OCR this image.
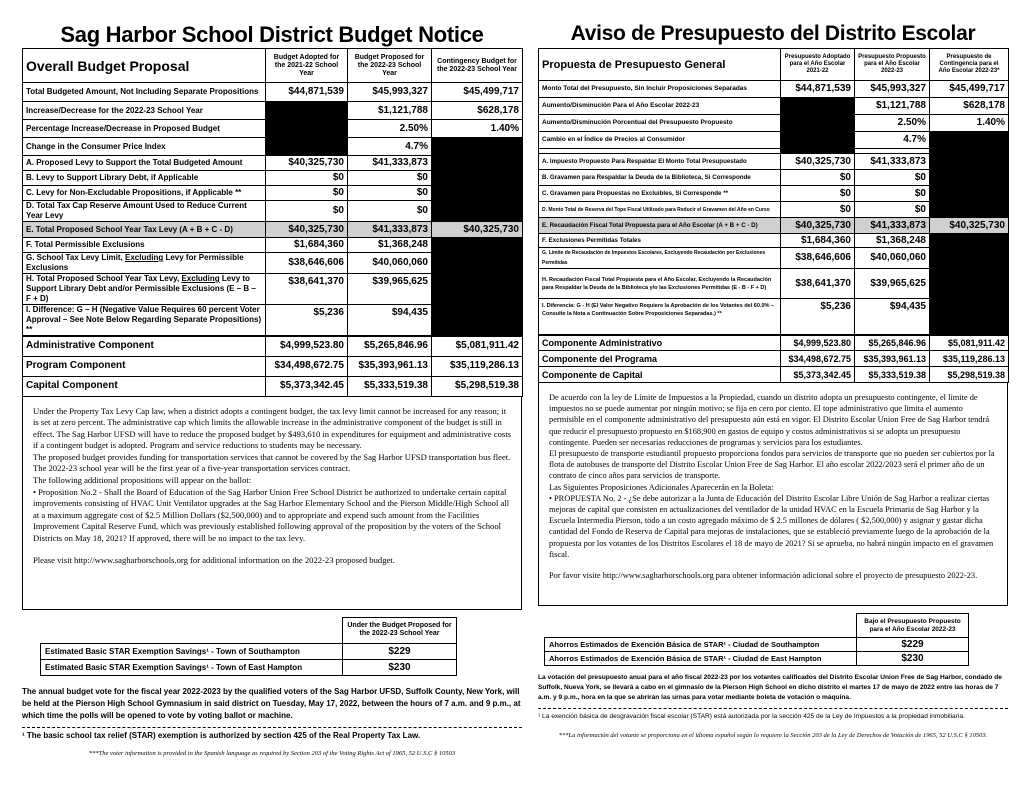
Sag Harbor School District Budget Notice
Overall Budget Proposal	Budget Adopted for the 2021-22 School Year	Budget Proposed for the 2022-23 School Year	Contingency Budget for the 2022-23 School Year
Total Budgeted Amount, Not Including Separate Propositions	$44,871,539	$45,993,327	$45,499,717
Increase/Decrease for the 2022-23 School Year		$1,121,788	$628,178
Percentage Increase/Decrease in Proposed Budget		2.50%	1.40%
Change in the Consumer Price Index		4.7%	
A. Proposed Levy to Support the Total Budgeted Amount	$40,325,730	$41,333,873	
B. Levy to Support Library Debt, if Applicable	$0	$0	
C. Levy for Non-Excludable Propositions, if Applicable **	$0	$0	
D. Total Tax Cap Reserve Amount Used to Reduce Current Year Levy	$0	$0	
E. Total Proposed School Year Tax Levy (A + B + C - D)	$40,325,730	$41,333,873	$40,325,730
F. Total Permissible Exclusions	$1,684,360	$1,368,248	
G. School Tax Levy Limit, Excluding Levy for Permissible Exclusions	$38,646,606	$40,060,060	
H. Total Proposed School Year Tax Levy, Excluding Levy to Support Library Debt and/or Permissible Exclusions (E – B – F + D)	$38,641,370	$39,965,625	
I. Difference: G – H (Negative Value Requires 60 percent Voter Approval – See Note Below Regarding Separate Propositions) **	$5,236	$94,435	
Administrative Component	$4,999,523.80	$5,265,846.96	$5,081,911.42
Program Component	$34,498,672.75	$35,393,961.13	$35,119,286.13
Capital Component	$5,373,342.45	$5,333,519.38	$5,298,519.38

Under the Property Tax Levy Cap law, when a district adopts a contingent budget, the tax levy limit cannot be increased for any reason; it is set at zero percent. The administrative cap which limits the allowable increase in the administrative component of the budget is still in effect. The Sag Harbor UFSD will have to reduce the proposed budget by $493,610 in expenditures for equipment and administrative costs if a contingent budget is adopted. Program and service reductions to students may be necessary.

The proposed budget provides funding for transportation services that cannot be covered by the Sag Harbor UFSD transportation bus fleet. The 2022-23 school year will be the first year of a five-year transportation services contract.

The following additional propositions will appear on the ballot:

• Proposition No.2 - Shall the Board of Education of the Sag Harbor Union Free School District be authorized to undertake certain capital improvements consisting of HVAC Unit Ventilator upgrades at the Sag Harbor Elementary School and the Pierson Middle/High School all at a maximum aggregate cost of $2.5 Million Dollars ($2,500,000) and to appropriate and expend such amount from the Facilities Improvement Capital Reserve Fund, which was previously established following approval of the proposition by the voters of the School Districts on May 18, 2021? If approved, there will be no impact to the tax levy.

Please visit http://www.sagharborschools.org for additional information on the 2022-23 proposed budget.

	Under the Budget Proposed for the 2022-23 School Year
Estimated Basic STAR Exemption Savings¹ - Town of Southampton	$229
Estimated Basic STAR Exemption Savings¹ - Town of East Hampton	$230
The annual budget vote for the fiscal year 2022-2023 by the qualified voters of the Sag Harbor UFSD, Suffolk County, New York, will be held at the Pierson High School Gymnasium in said district on Tuesday, May 17, 2022, between the hours of 7 a.m. and 9 p.m., at which time the polls will be opened to vote by voting ballot or machine.
¹ The basic school tax relief (STAR) exemption is authorized by section 425 of the Real Property Tax Law.
***The voter information is provided in the Spanish language as required by Section 203 of the Voting Rights Act of 1965, 52 U.S.C § 10503
Aviso de Presupuesto del Distrito Escolar
Propuesta de Presupuesto General	Presupuesto Adoptado para el Año Escolar 2021-22	Presupuesto Propuesto para el Año Escolar 2022-23	Presupuesto de Contingencia para el Año Escolar 2022-23*
Monto Total del Presupuesto, Sin Incluir Proposiciones Separadas	$44,871,539	$45,993,327	$45,499,717
Aumento/Disminución Para el Año Escolar 2022-23		$1,121,788	$628,178
Aumento/Disminución Porcentual del Presupuesto Propuesto		2.50%	1.40%
Cambio en el Índice de Precios al Consumidor		4.7%	

A. Impuesto Propuesto Para Respaldar El Monto Total Presupuestado	$40,325,730	$41,333,873	
B. Gravamen para Respaldar la Deuda de la Biblioteca, Si Corresponde	$0	$0	
C. Gravamen para Propuestas no Excluibles, Si Corresponde **	$0	$0	
D. Monto Total de Reserva del Tope Fiscal Utilizado para Reducir el Gravamen del Año en Curso	$0	$0	
E. Recaudación Fiscal Total Propuesta para el Año Escolar (A + B + C - D)	$40,325,730	$41,333,873	$40,325,730
F. Exclusiones Permitidas Totales	$1,684,360	$1,368,248	
G. Límite de Recaudación de Impuestos Escolares, Excluyendo Recaudación por Exclusiones Permitidas	$38,646,606	$40,060,060	
H. Recaudación Fiscal Total Propuesta para el Año Escolar, Excluyendo la Recaudación para Respaldar la Deuda de la Biblioteca y/o las Exclusiones Permitidas (E - B - F + D)	$38,641,370	$39,965,625	
I. Diferencia: G - H (El Valor Negativo Requiere la Aprobación de los Votantes del 60.0% – Consulte la Nota a Continuación Sobre Proposiciones Separadas.) **	$5,236	$94,435	
Componente Administrativo	$4,999,523.80	$5,265,846.96	$5,081,911.42
Componente del Programa	$34,498,672.75	$35,393,961.13	$35,119,286.13
Componente de Capital	$5,373,342.45	$5,333,519.38	$5,298,519.38

De acuerdo con la ley de Límite de Impuestos a la Propiedad, cuando un distrito adopta un presupuesto contingente, el límite de impuestos no se puede aumentar por ningún motivo; se fija en cero por ciento. El tope administrativo que limita el aumento permisible en el componente administrativo del presupuesto aún está en vigor. El Distrito Escolar Union Free de Sag Harbor tendrá que reducir el presupuesto propuesto en $168,900 en gastos de equipo y costos administrativos si se adopta un presupuesto contingente. Pueden ser necesarias reducciones de programas y servicios para los estudiantes.

El presupuesto de transporte estudiantil propuesto proporciona fondos para servicios de transporte que no pueden ser cubiertos por la flota de autobuses de transporte del Distrito Escolar Union Free de Sag Harbor. El año escolar 2022/2023 será el primer año de un contrato de cinco años para servicios de transporte.

Las Siguientes Proposiciones Adicionales Aparecerán en la Boleta:

• PROPUESTA No. 2 - ¿Se debe autorizar a la Junta de Educación del Distrito Escolar Libre Unión de Sag Harbor a realizar ciertas mejoras de capital que consisten en actualizaciones del ventilador de la unidad HVAC en la Escuela Primaria de Sag Harbor y la Escuela Intermedia Pierson, todo a un costo agregado máximo de $ 2.5 millones de dólares ( $2,500,000) y asignar y gastar dicha cantidad del Fondo de Reserva de Capital para mejoras de instalaciones, que se estableció previamente luego de la aprobación de la propuesta por los votantes de los Distritos Escolares el 18 de mayo de 2021? Si se aprueba, no habrá ningún impacto en el gravamen fiscal.

Por favor visite http://www.sagharborschools.org para obtener información adicional sobre el proyecto de presupuesto 2022-23.

	Bajo el Presupuesto Propuesto para el Año Escolar 2022-23
Ahorros Estimados de Exención Básica de STAR¹ - Ciudad de Southampton	$229
Ahorros Estimados de Exención Básica de STAR¹ - Ciudad de East Hampton	$230
La votación del presupuesto anual para el año fiscal 2022-23 por los votantes calificados del Distrito Escolar Union Free de Sag Harbor, condado de Suffolk, Nueva York, se llevará a cabo en el gimnasio de la Pierson High School en dicho distrito el martes 17 de mayo de 2022 entre las horas de 7 a.m. y 9 p.m., hora en la que se abrirán las urnas para votar mediante boleta de votación o máquina.
¹ La exención básica de desgravación fiscal escolar (STAR) está autorizada por la sección 425 de la Ley de Impuestos a la propiedad inmobiliaria.
***La información del votante se proporciona en el idioma español según lo requiere la Sección 203 de la Ley de Derechos de Votación de 1965, 52 U.S.C § 10503.
